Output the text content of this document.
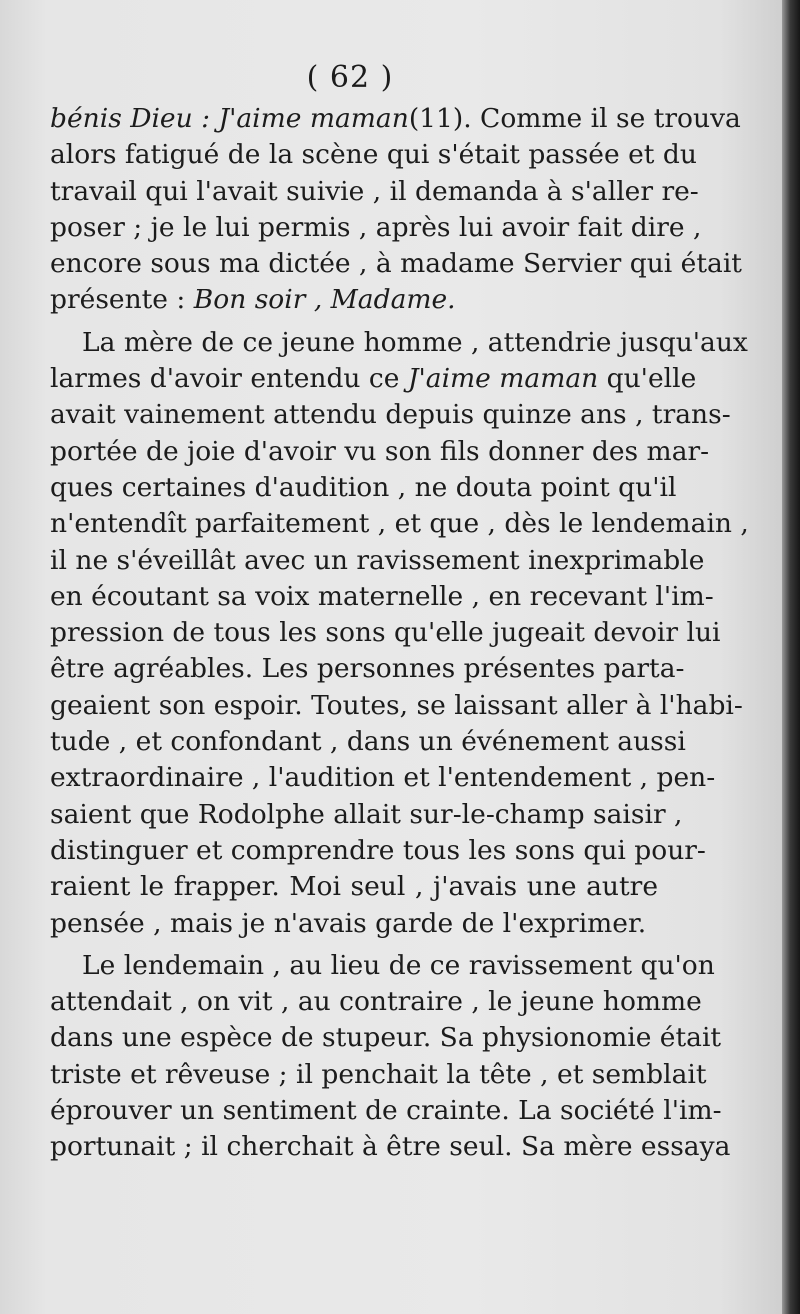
( 62 )
bénis Dieu : J'aime maman(11). Comme il se trouva
alors fatigué de la scène qui s'était passée et du
travail qui l'avait suivie , il demanda à s'aller re-
poser ; je le lui permis , après lui avoir fait dire ,
encore sous ma dictée , à madame Servier qui était
présente : Bon soir , Madame.
La mère de ce jeune homme , attendrie jusqu'aux
larmes d'avoir entendu ce J'aime maman qu'elle
avait vainement attendu depuis quinze ans , trans-
portée de joie d'avoir vu son fils donner des mar-
ques certaines d'audition , ne douta point qu'il
n'entendît parfaitement , et que , dès le lendemain ,
il ne s'éveillât avec un ravissement inexprimable
en écoutant sa voix maternelle , en recevant l'im-
pression de tous les sons qu'elle jugeait devoir lui
être agréables. Les personnes présentes parta-
geaient son espoir. Toutes, se laissant aller à l'habi-
tude , et confondant , dans un événement aussi
extraordinaire , l'audition et l'entendement , pen-
saient que Rodolphe allait sur-le-champ saisir ,
distinguer et comprendre tous les sons qui pour-
raient le frapper. Moi seul , j'avais une autre
pensée , mais je n'avais garde de l'exprimer.
Le lendemain , au lieu de ce ravissement qu'on
attendait , on vit , au contraire , le jeune homme
dans une espèce de stupeur. Sa physionomie était
triste et rêveuse ; il penchait la tête , et semblait
éprouver un sentiment de crainte. La société l'im-
portunait ; il cherchait à être seul. Sa mère essaya
